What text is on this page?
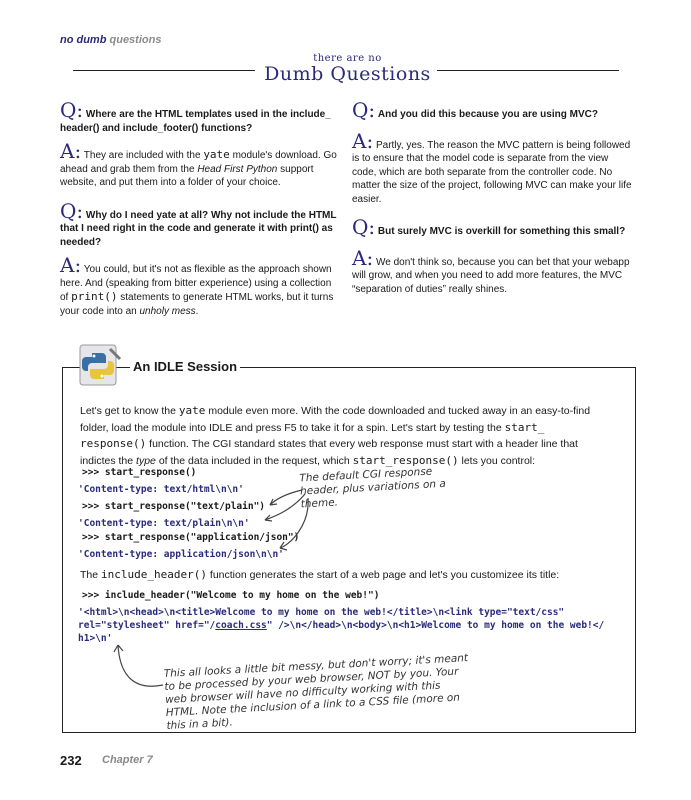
no dumb questions
there are no
Dumb Questions
Q: Where are the HTML templates used in the include_ header() and include_footer() functions?
A: They are included with the yate module's download. Go ahead and grab them from the Head First Python support website, and put them into a folder of your choice.
Q: Why do I need yate at all? Why not include the HTML that I need right in the code and generate it with print() as needed?
A: You could, but it's not as flexible as the approach shown here. And (speaking from bitter experience) using a collection of print() statements to generate HTML works, but it turns your code into an unholy mess.
Q: And you did this because you are using MVC?
A: Partly, yes. The reason the MVC pattern is being followed is to ensure that the model code is separate from the view code, which are both separate from the controller code. No matter the size of the project, following MVC can make your life easier.
Q: But surely MVC is overkill for something this small?
A: We don't think so, because you can bet that your webapp will grow, and when you need to add more features, the MVC “separation of duties” really shines.
An IDLE Session
Let's get to know the yate module even more. With the code downloaded and tucked away in an easy-to-find folder, load the module into IDLE and press F5 to take it for a spin. Let's start by testing the start_ response() function. The CGI standard states that every web response must start with a header line that indictes the type of the data included in the request, which start_response() lets you control:
>>> start_response()
'Content-type: text/html\n\n'
>>> start_response("text/plain")
'Content-type: text/plain\n\n'
>>> start_response("application/json")
'Content-type: application/json\n\n'
The default CGI response header, plus variations on a theme.
The include_header() function generates the start of a web page and let's you customizee its title:
>>> include_header("Welcome to my home on the web!")
'<html>\n<head>\n<title>Welcome to my home on the web!</title>\n<link type="text/css"
rel="stylesheet" href="/coach.css" />\n</head>\n<body>\n<h1>Welcome to my home on the web!</
h1>\n'
This all looks a little bit messy, but don't worry; it's meant to be processed by your web browser, NOT by you. Your web browser will have no difficulty working with this HTML. Note the inclusion of a link to a CSS file (more on this in a bit).
232 Chapter 7
